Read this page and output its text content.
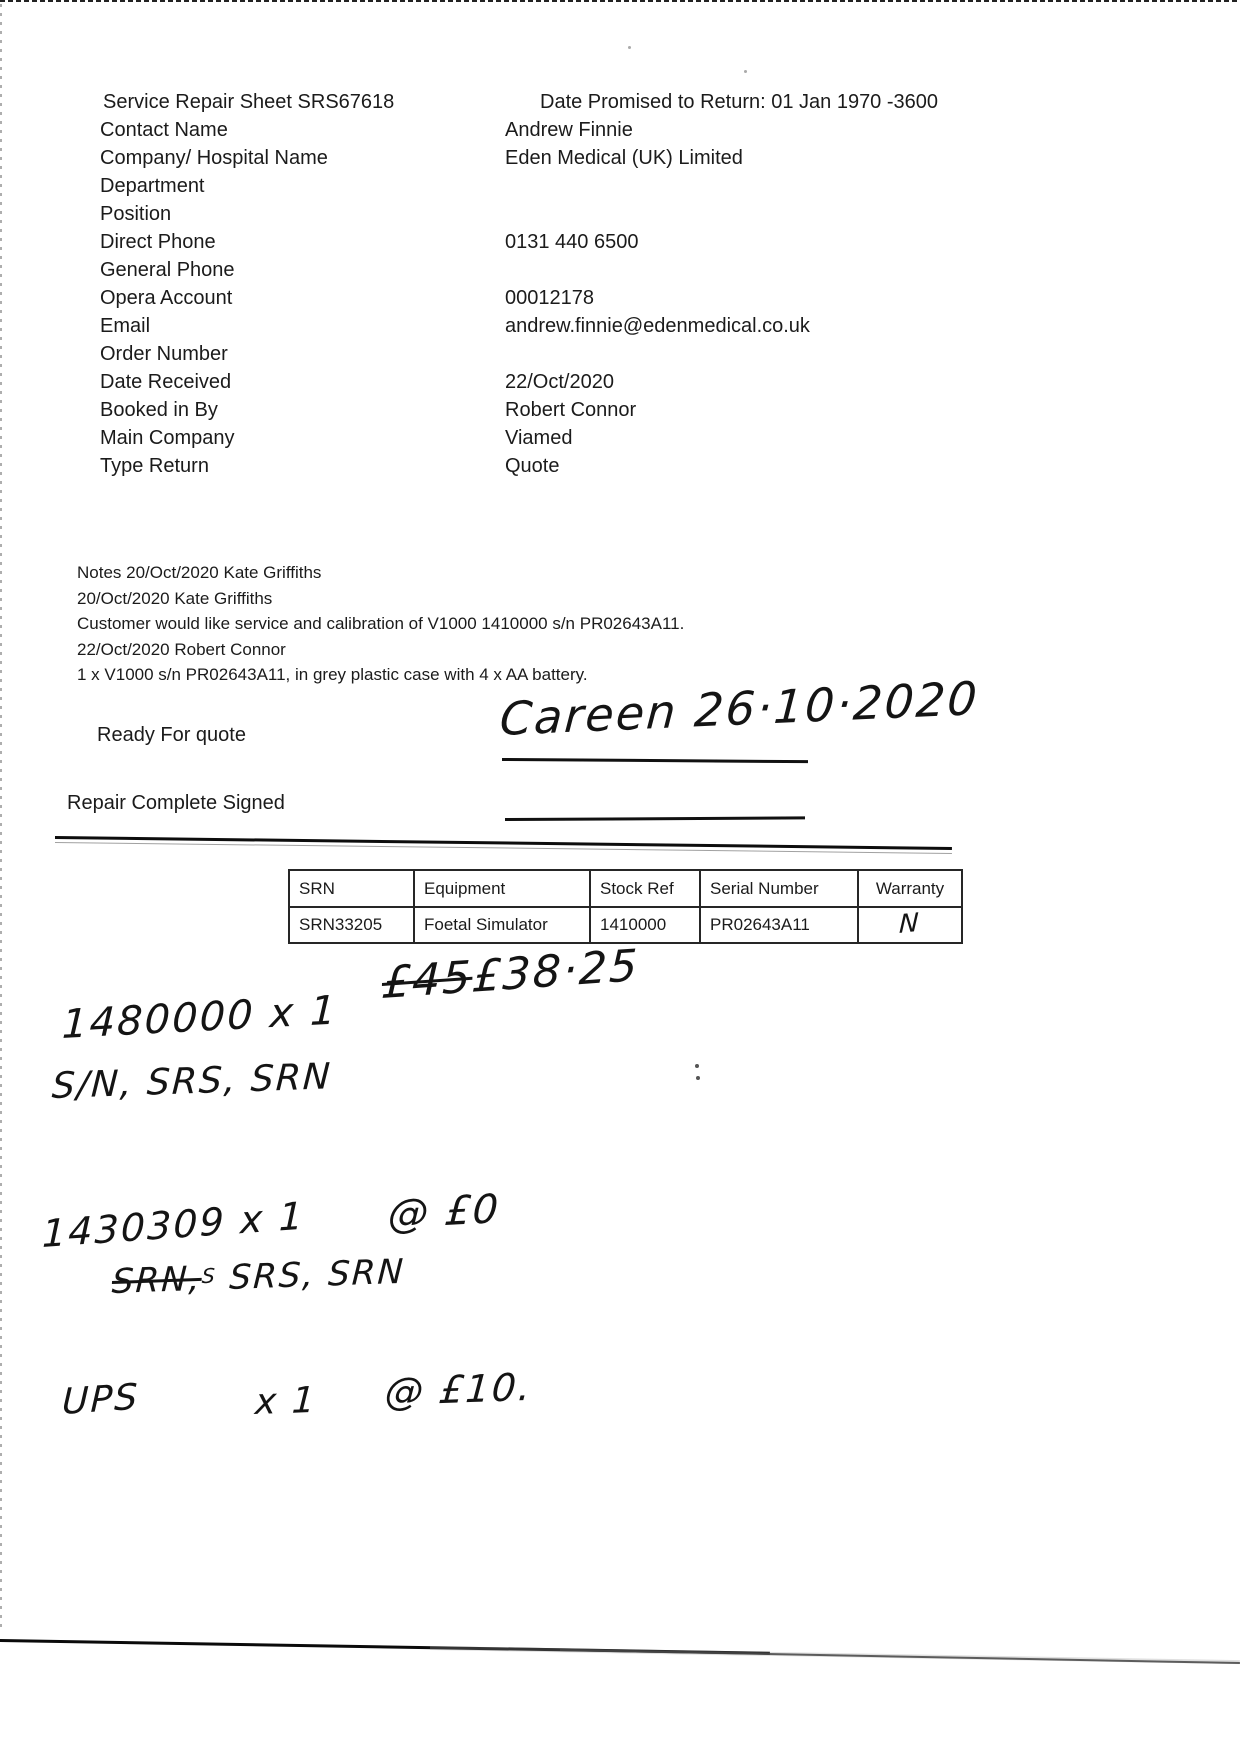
Service Repair Sheet SRS67618	Date Promised to Return: 01 Jan 1970 -3600
Contact Name	Andrew Finnie
Company/ Hospital Name	Eden Medical (UK) Limited
Department
Position
Direct Phone	0131 440 6500
General Phone
Opera Account	00012178
Email	andrew.finnie@edenmedical.co.uk
Order Number
Date Received	22/Oct/2020
Booked in By	Robert Connor
Main Company	Viamed
Type Return	Quote
Notes 20/Oct/2020 Kate Griffiths
20/Oct/2020 Kate Griffiths
Customer would like service and calibration of V1000 1410000 s/n PR02643A11.
22/Oct/2020 Robert Connor
1 x V1000 s/n PR02643A11, in grey plastic case with 4 x AA battery.
Ready For quote	Careen 26·10·2020
Repair Complete Signed
SRN	Equipment	Stock Ref	Serial Number	Warranty
SRN33205	Foetal Simulator	1410000	PR02643A11	N
1480000 x 1
£45£38·25
S/N, SRS, SRN
1430309 x 1 @ £0
SRN,$^S$ SRS, SRN
UPS	x 1 @ £10.
